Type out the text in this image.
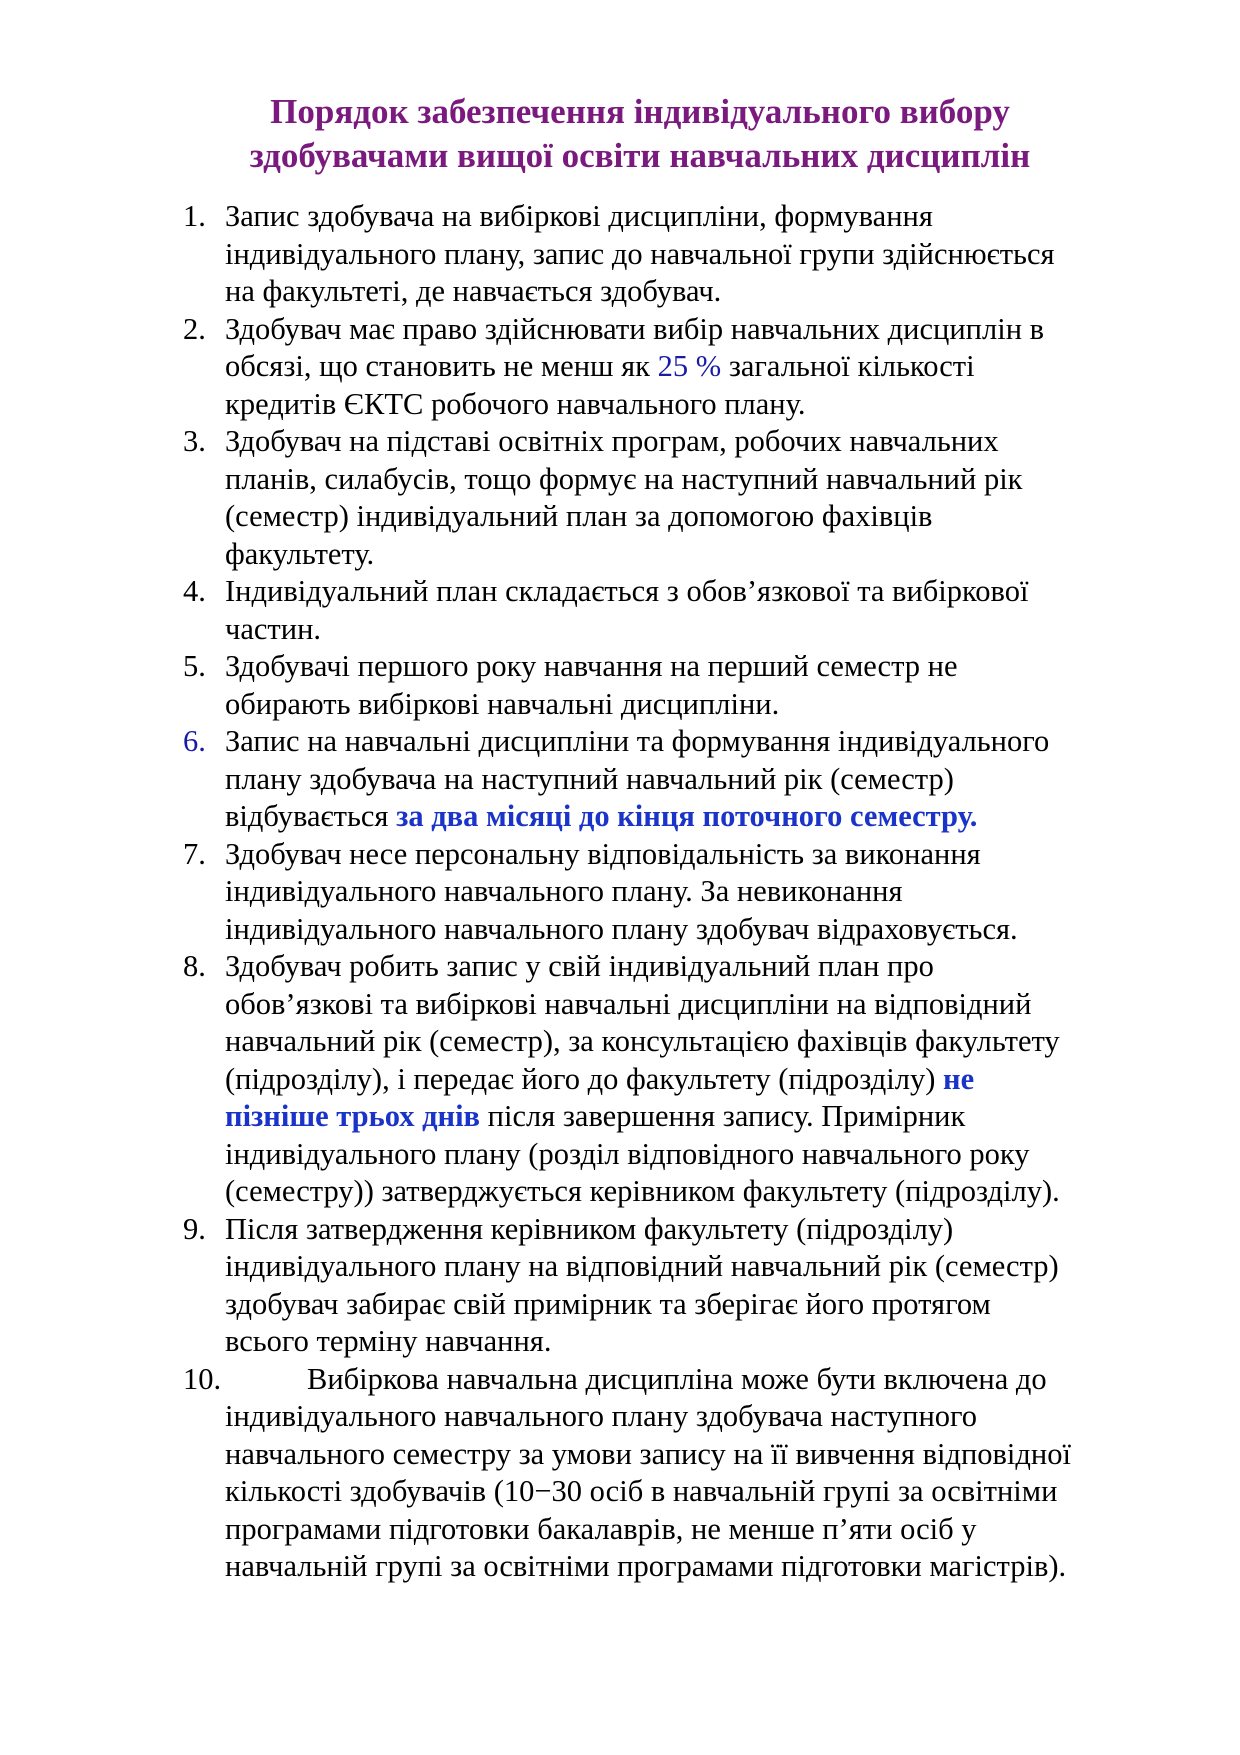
Порядок забезпечення індивідуального вибору
здобувачами вищої освіти навчальних дисциплін
1. Запис здобувача на вибіркові дисципліни, формування
індивідуального плану, запис до навчальної групи здійснюється
на факультеті, де навчається здобувач.
2. Здобувач має право здійснювати вибір навчальних дисциплін в
обсязі, що становить не менш як 25 % загальної кількості
кредитів ЄКТС робочого навчального плану.
3. Здобувач на підставі освітніх програм, робочих навчальних
планів, силабусів, тощо формує на наступний навчальний рік
(семестр) індивідуальний план за допомогою фахівців
факультету.
4. Індивідуальний план складається з обов’язкової та вибіркової
частин.
5. Здобувачі першого року навчання на перший семестр не
обирають вибіркові навчальні дисципліни.
6. Запис на навчальні дисципліни та формування індивідуального
плану здобувача на наступний навчальний рік (семестр)
відбувається за два місяці до кінця поточного семестру.
7. Здобувач несе персональну відповідальність за виконання
індивідуального навчального плану. За невиконання
індивідуального навчального плану здобувач відраховується.
8. Здобувач робить запис у свій індивідуальний план про
обов’язкові та вибіркові навчальні дисципліни на відповідний
навчальний рік (семестр), за консультацією фахівців факультету
(підрозділу), і передає його до факультету (підрозділу) не
пізніше трьох днів після завершення запису. Примірник
індивідуального плану (розділ відповідного навчального року
(семестру)) затверджується керівником факультету (підрозділу).
9. Після затвердження керівником факультету (підрозділу)
індивідуального плану на відповідний навчальний рік (семестр)
здобувач забирає свій примірник та зберігає його протягом
всього терміну навчання.
10.	Вибіркова навчальна дисципліна може бути включена до
індивідуального навчального плану здобувача наступного
навчального семестру за умови запису на її вивчення відповідної
кількості здобувачів (10−30 осіб в навчальній групі за освітніми
програмами підготовки бакалаврів, не менше п’яти осіб у
навчальній групі за освітніми програмами підготовки магістрів).
